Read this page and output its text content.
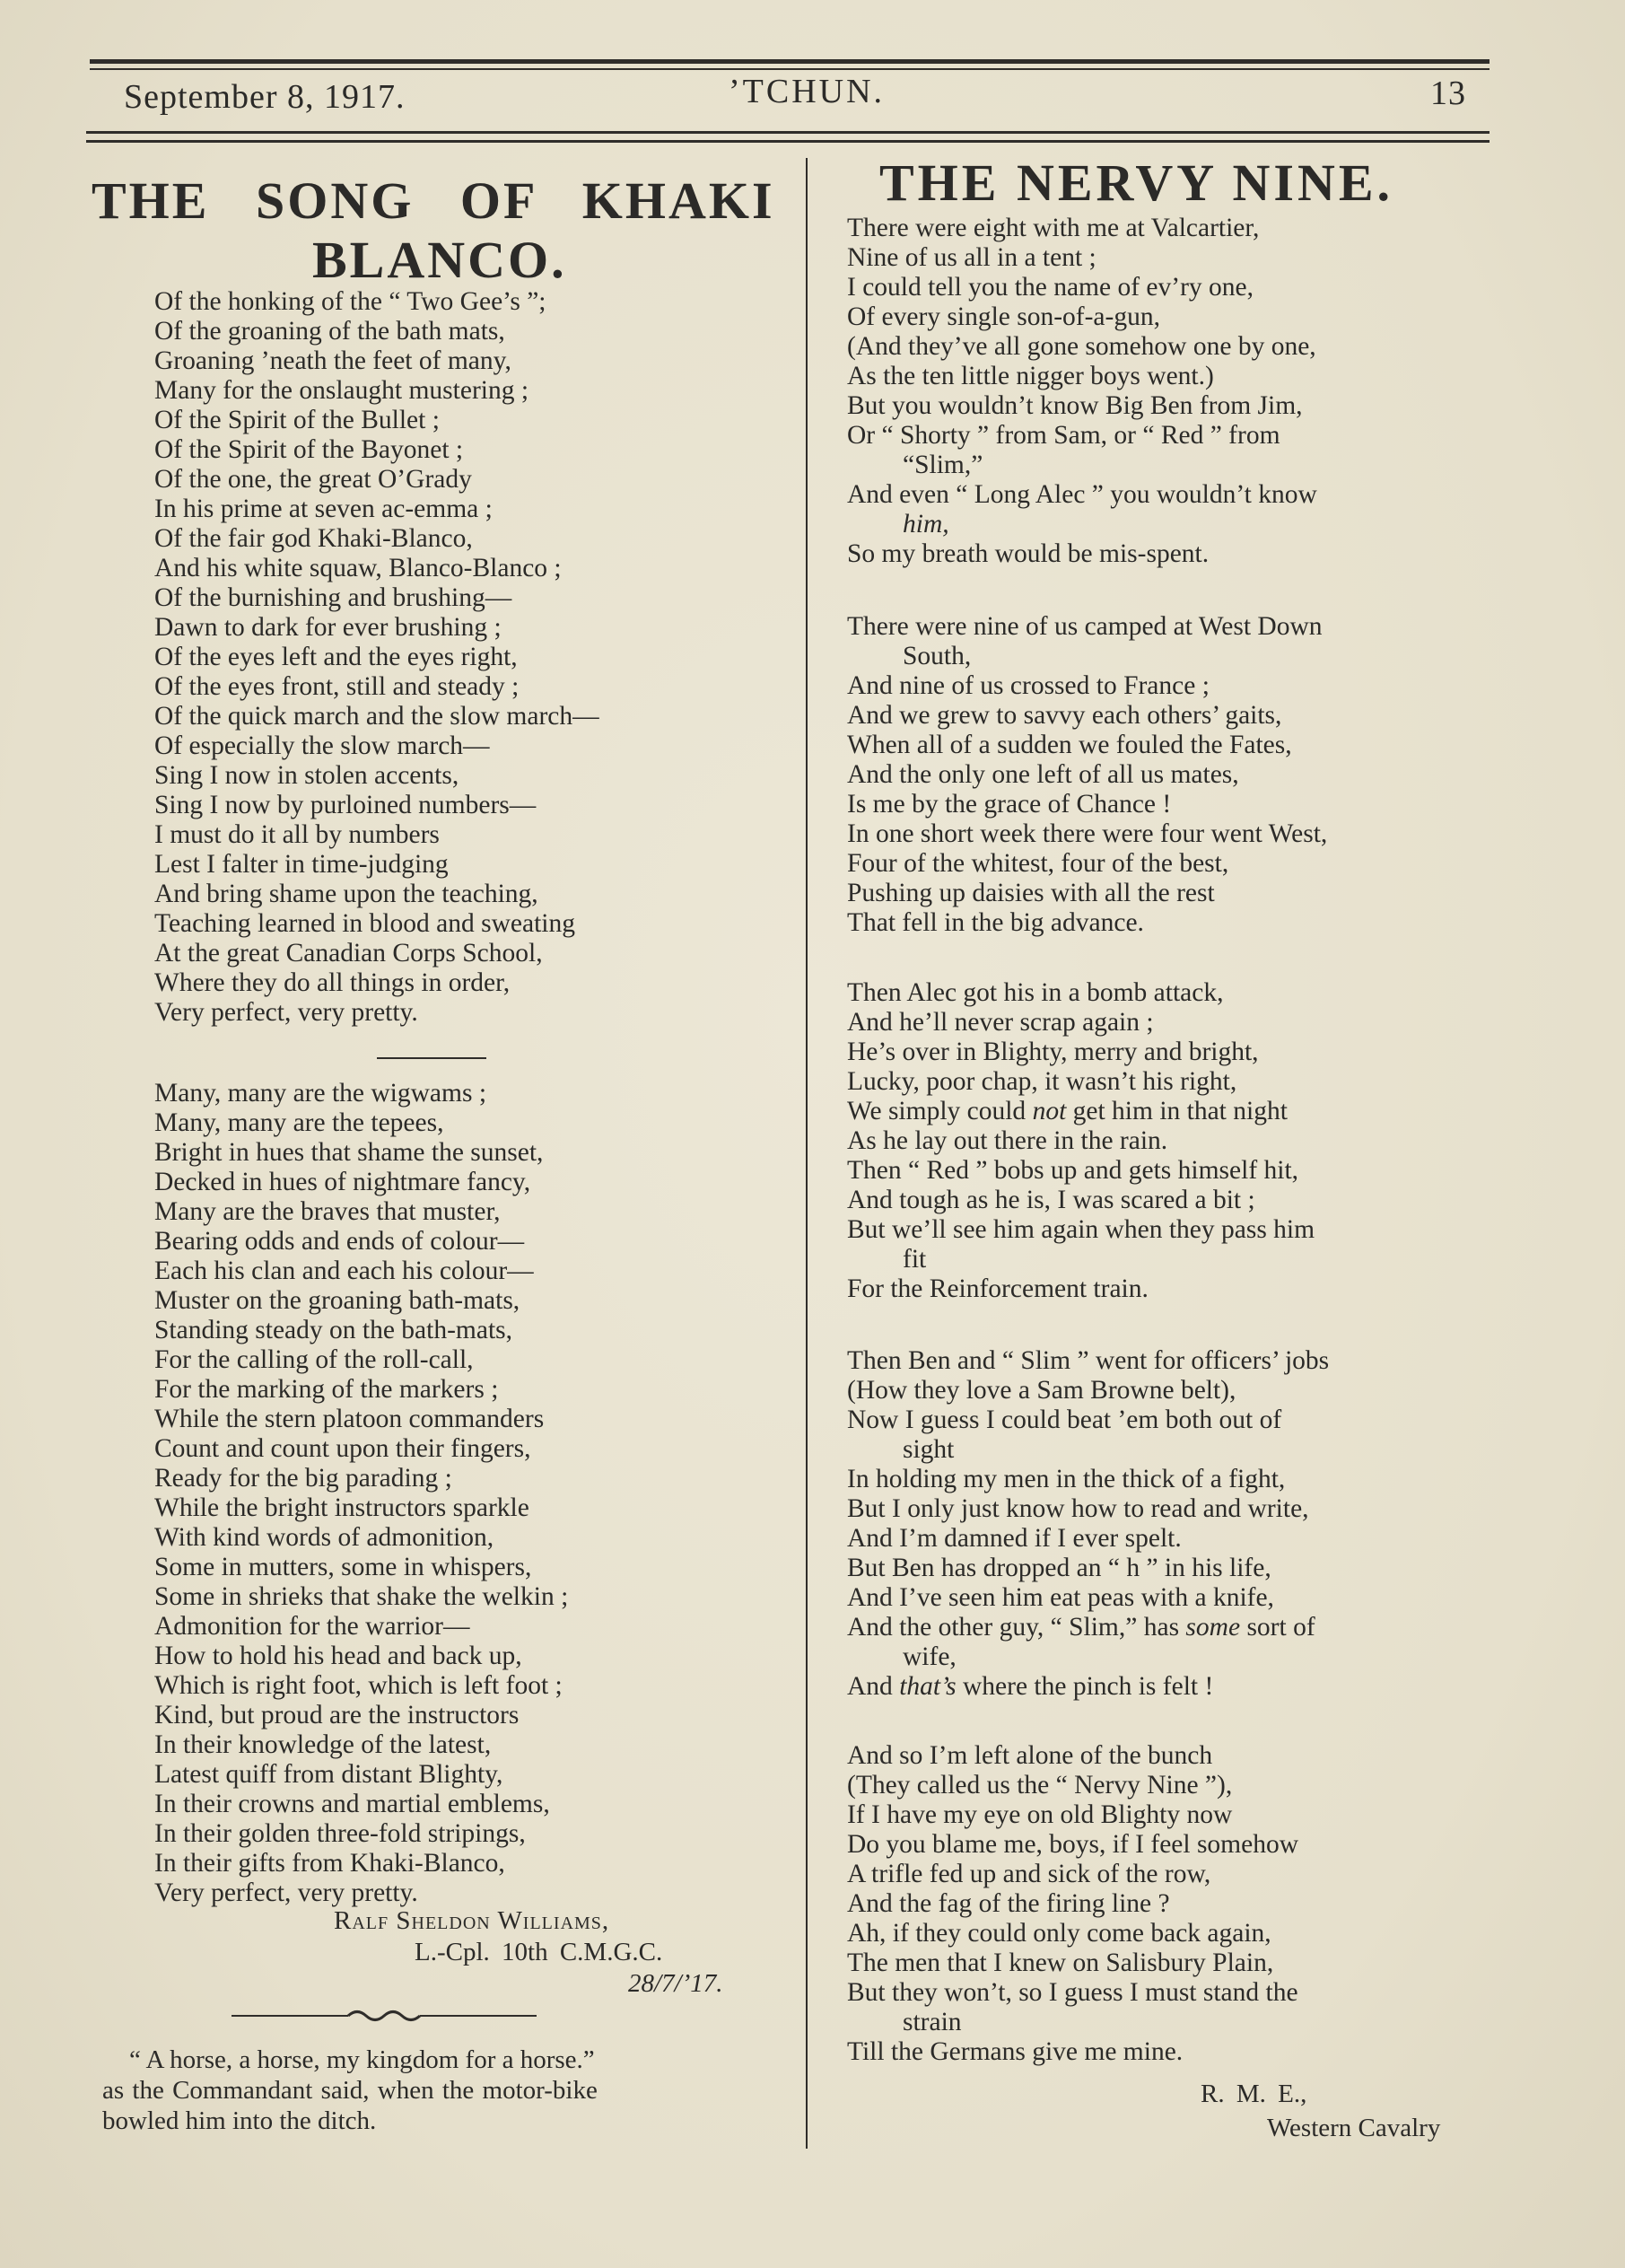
September 8, 1917.	’TCHUN.	13
THE SONG OF KHAKI
BLANCO.
Of the honking of the “ Two Gee’s ”;
Of the groaning of the bath mats,
Groaning ’neath the feet of many,
Many for the onslaught mustering ;
Of the Spirit of the Bullet ;
Of the Spirit of the Bayonet ;
Of the one, the great O’Grady
In his prime at seven ac-emma ;
Of the fair god Khaki-Blanco,
And his white squaw, Blanco-Blanco ;
Of the burnishing and brushing—
Dawn to dark for ever brushing ;
Of the eyes left and the eyes right,
Of the eyes front, still and steady ;
Of the quick march and the slow march—
Of especially the slow march—
Sing I now in stolen accents,
Sing I now by purloined numbers—
I must do it all by numbers
Lest I falter in time-judging
And bring shame upon the teaching,
Teaching learned in blood and sweating
At the great Canadian Corps School,
Where they do all things in order,
Very perfect, very pretty.
Many, many are the wigwams ;
Many, many are the tepees,
Bright in hues that shame the sunset,
Decked in hues of nightmare fancy,
Many are the braves that muster,
Bearing odds and ends of colour—
Each his clan and each his colour—
Muster on the groaning bath-mats,
Standing steady on the bath-mats,
For the calling of the roll-call,
For the marking of the markers ;
While the stern platoon commanders
Count and count upon their fingers,
Ready for the big parading ;
While the bright instructors sparkle
With kind words of admonition,
Some in mutters, some in whispers,
Some in shrieks that shake the welkin ;
Admonition for the warrior—
How to hold his head and back up,
Which is right foot, which is left foot ;
Kind, but proud are the instructors
In their knowledge of the latest,
Latest quiff from distant Blighty,
In their crowns and martial emblems,
In their golden three-fold stripings,
In their gifts from Khaki-Blanco,
Very perfect, very pretty.
Ralf Sheldon Williams,
L.-Cpl. 10th C.M.G.C.
28/7/’17.
“ A horse, a horse, my kingdom for a horse.”
as the Commandant said, when the motor-bike
bowled him into the ditch.
THE NERVY NINE.
There were eight with me at Valcartier,
Nine of us all in a tent ;
I could tell you the name of ev’ry one,
Of every single son-of-a-gun,
(And they’ve all gone somehow one by one,
As the ten little nigger boys went.)
But you wouldn’t know Big Ben from Jim,
Or “ Shorty ” from Sam, or “ Red ” from
“Slim,”
And even “ Long Alec ” you wouldn’t know
him,
So my breath would be mis-spent.
There were nine of us camped at West Down
South,
And nine of us crossed to France ;
And we grew to savvy each others’ gaits,
When all of a sudden we fouled the Fates,
And the only one left of all us mates,
Is me by the grace of Chance !
In one short week there were four went West,
Four of the whitest, four of the best,
Pushing up daisies with all the rest
That fell in the big advance.
Then Alec got his in a bomb attack,
And he’ll never scrap again ;
He’s over in Blighty, merry and bright,
Lucky, poor chap, it wasn’t his right,
We simply could not get him in that night
As he lay out there in the rain.
Then “ Red ” bobs up and gets himself hit,
And tough as he is, I was scared a bit ;
But we’ll see him again when they pass him
fit
For the Reinforcement train.
Then Ben and “ Slim ” went for officers’ jobs
(How they love a Sam Browne belt),
Now I guess I could beat ’em both out of
sight
In holding my men in the thick of a fight,
But I only just know how to read and write,
And I’m damned if I ever spelt.
But Ben has dropped an “ h ” in his life,
And I’ve seen him eat peas with a knife,
And the other guy, “ Slim,” has some sort of
wife,
And that’s where the pinch is felt !
And so I’m left alone of the bunch
(They called us the “ Nervy Nine ”),
If I have my eye on old Blighty now
Do you blame me, boys, if I feel somehow
A trifle fed up and sick of the row,
And the fag of the firing line ?
Ah, if they could only come back again,
The men that I knew on Salisbury Plain,
But they won’t, so I guess I must stand the
strain
Till the Germans give me mine.
R. M. E.,
Western Cavalry
